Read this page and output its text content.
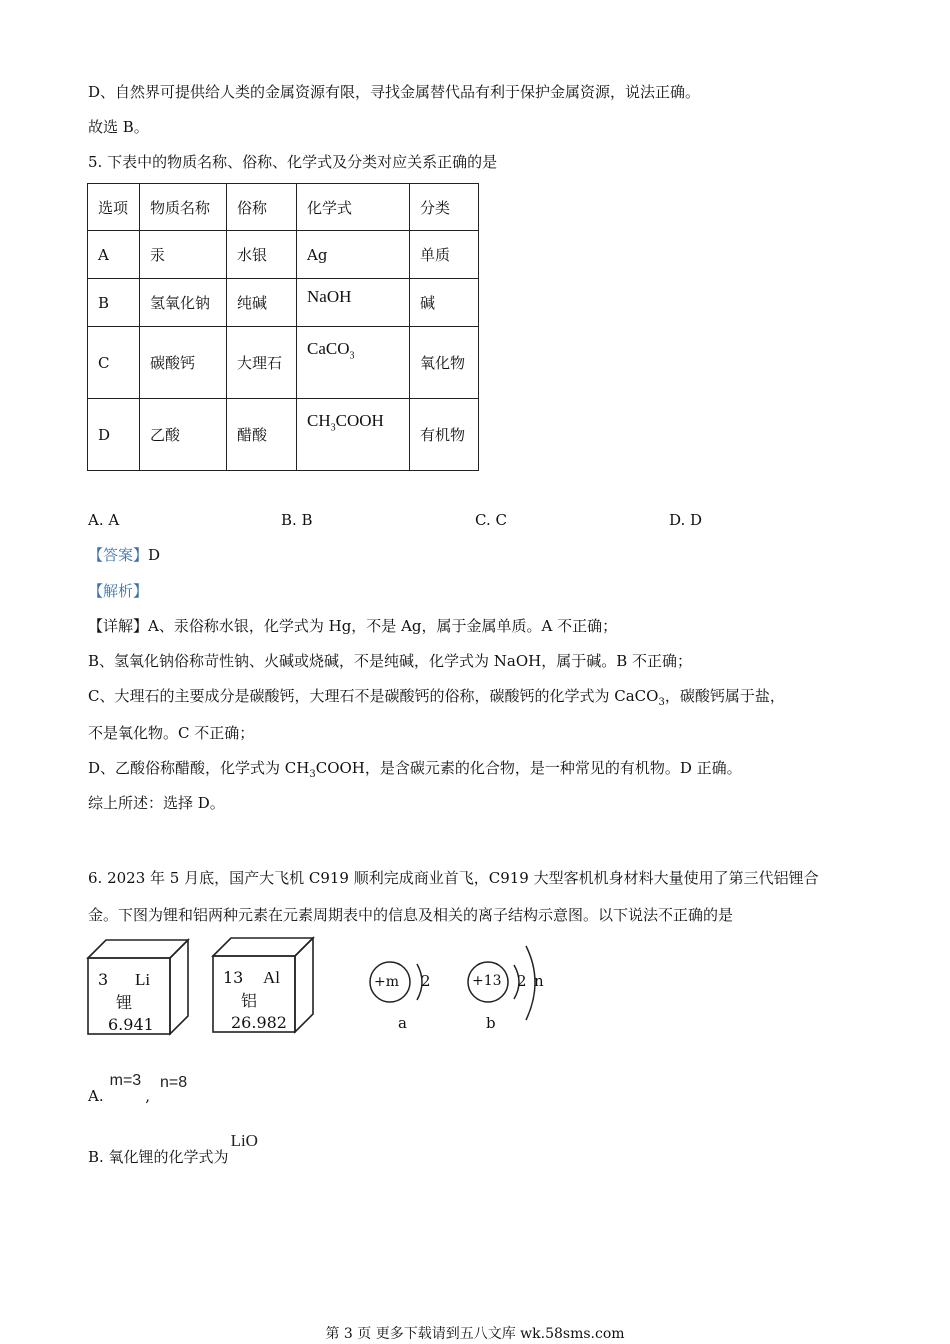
D、自然界可提供给人类的金属资源有限，寻找金属替代品有利于保护金属资源，说法正确。
故选 B。
5. 下表中的物质名称、俗称、化学式及分类对应关系正确的是
选项	物质名称	俗称	化学式	分类
A	汞	水银	Ag	单质
B	氢氧化钠	纯碱	NaOH	碱
C	碳酸钙	大理石	CaCO$_3$	氧化物
D	乙酸	醋酸	$CH_3COOH$	有机物
A. A	B. B	C. C	D. D
【答案】D
【解析】
【详解】A、汞俗称水银，化学式为 Hg，不是 Ag，属于金属单质。A 不正确；
B、氢氧化钠俗称苛性钠、火碱或烧碱，不是纯碱，化学式为 NaOH，属于碱。B 不正确；
C、大理石的主要成分是碳酸钙，大理石不是碳酸钙的俗称，碳酸钙的化学式为 CaCO$_3$，碳酸钙属于盐，
不是氧化物。C 不正确；
D、乙酸俗称醋酸，化学式为 $CH_3COOH$，是含碳元素的化合物，是一种常见的有机物。D 正确。
综上所述：选择 D。
6. 2023 年 5 月底，国产大飞机 C919 顺利完成商业首飞，C919 大型客机机身材料大量使用了第三代铝锂合
金。下图为锂和铝两种元素在元素周期表中的信息及相关的离子结构示意图。以下说法不正确的是
3 Li
锂
6.941
13 Al
铝
26.982
+m 2
a
+13 2 n
b
A.m=3,n=8
B. 氧化锂的化学式为LiO
第 3 页 更多下载请到五八文库 wk.58sms.com
